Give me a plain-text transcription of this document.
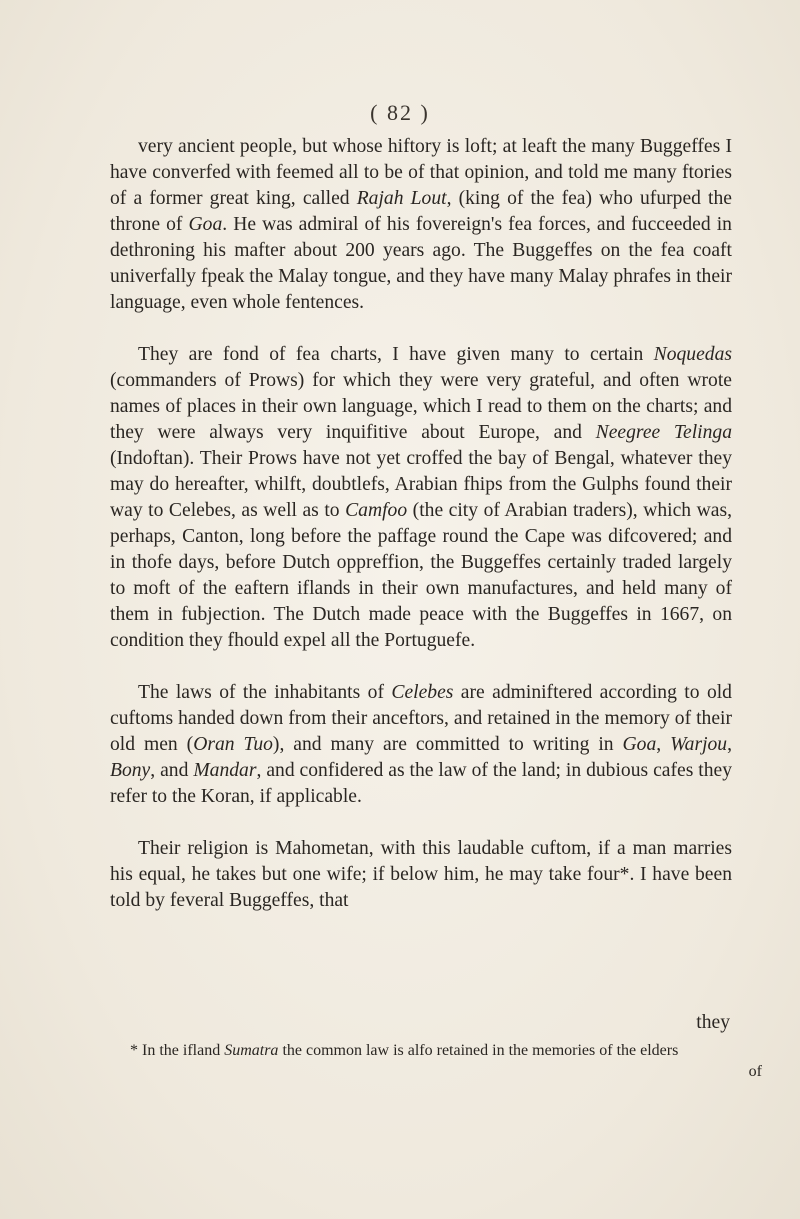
( 82 )

very ancient people, but whose hiftory is loft; at leaft the many Buggeffes I have converfed with feemed all to be of that opinion, and told me many ftories of a former great king, called Rajah Lout, (king of the fea) who ufurped the throne of Goa. He was admiral of his fovereign's fea forces, and fucceeded in dethroning his mafter about 200 years ago. The Buggeffes on the fea coaft univerfally fpeak the Malay tongue, and they have many Malay phrafes in their language, even whole fentences.

They are fond of fea charts, I have given many to certain Noquedas (commanders of Prows) for which they were very grateful, and often wrote names of places in their own language, which I read to them on the charts; and they were always very inquifitive about Europe, and Neegree Telinga (Indoftan). Their Prows have not yet croffed the bay of Bengal, whatever they may do hereafter, whilft, doubtlefs, Arabian fhips from the Gulphs found their way to Celebes, as well as to Camfoo (the city of Arabian traders), which was, perhaps, Canton, long before the paffage round the Cape was difcovered; and in thofe days, before Dutch oppreffion, the Buggeffes certainly traded largely to moft of the eaftern iflands in their own manufactures, and held many of them in fubjection. The Dutch made peace with the Buggeffes in 1667, on condition they fhould expel all the Portuguefe.

The laws of the inhabitants of Celebes are adminiftered according to old cuftoms handed down from their anceftors, and retained in the memory of their old men (Oran Tuo), and many are committed to writing in Goa, Warjou, Bony, and Mandar, and confidered as the law of the land; in dubious cafes they refer to the Koran, if applicable.

Their religion is Mahometan, with this laudable cuftom, if a man marries his equal, he takes but one wife; if below him, he may take four*. I have been told by feveral Buggeffes, that

they
* In the ifland Sumatra the common law is alfo retained in the memories of the elders
of
